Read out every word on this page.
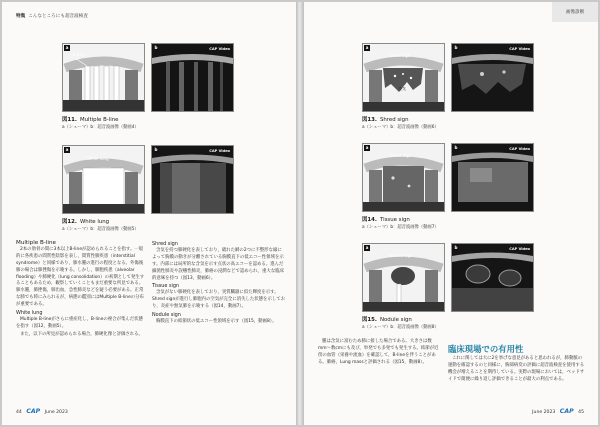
特集 こんなところにも超音波検査
a
B-line
b	CAP Video
図11. Multiple B-line
a（シェーマ）b：超音波画像（動画4）
a
White lung
b	CAP Video
図12. White lung
a（シェーマ）b：超音波画像（動画5）
Multiple B-line

2本の肋骨の間に3本以上B-lineが認められることを指す。一般的に各疾患の間質性陰影を表し，間質性肺疾患（interstitial syndrome）と同様であり，肺水腫の進行の程度となる。外傷後肺の場合は肺挫傷を示唆する。しかし，肺胞疾患（alveolar flooding）や肺硬化（lung consolidation）の初期として発生することもあるため，観察していくこともまだ重要な所見である。肺水腫，肺挫傷，肺出血，急性肺炎などを疑う必要がある。正常な肺でも時にみられるが，病態の鑑別にはMultiple B-lineの分布が重要である。

White lung

Multiple B-lineがさらに重症化し，B-lineの複合が集んだ状態を指す（図12，動画5）。

また，以下の所見が認められる場合，肺硬化像と評価される。

Shred sign

含気を持つ肺硬化を表しており，破れた網の2つに不整形な縁によって胸膜の動きが分離されている胸膜直下の低エコー性領域を示す。内部には局所的な含気を示す点状の高エコーを認める。進んだ細菌性肺炎や誤嚥性肺炎，肺癌の浸潤などで認められ，重大な臨床的意味を持つ（図13，動画6）。

Tissue sign

含気がない肺硬化を表しており，実質臓器に似た輝度を示す。Shred signが進行し肺胞内の空気が完全に消失した状態を示しており，炎症や無気肺を示唆する（図14，動画7）。

Nodule sign

胸膜直下の結節状の低エコー性領域を示す（図15，動画8）。

44 CAP June 2023
画像診断
a
Shred sign
空気
b	CAP Video
図13. Shred sign
a（シェーマ）b：超音波画像（動画6）
a
Tissue sign
b	CAP Video
図14. Tissue sign
a（シェーマ）b：超音波画像（動画7）
a
Nodule sign
b	CAP Video
図15. Nodule sign
a（シェーマ）b：超音波画像（動画8）

腫は含気に富むため肺に接した場合である。大きさは数mm〜数cmにも及び，単発でも多発でも発生する。結節が近傍の血管（栄養や流血）を確認して，B-lineを伴うことがある。肺癌，Lung massと評価される（図15，動画8）。

臨床現場での有用性

これに関しては大に2を挙げな意見があると思われるが，肺動脈の運動を確認するのと同様に，胸部病変の評価に超音波検査を使用する機会が増えることを期待している。実際の現場においては，ベッドサイドで簡便に繰り返し評価できることが最大の利点である。

June 2023 CAP 45
